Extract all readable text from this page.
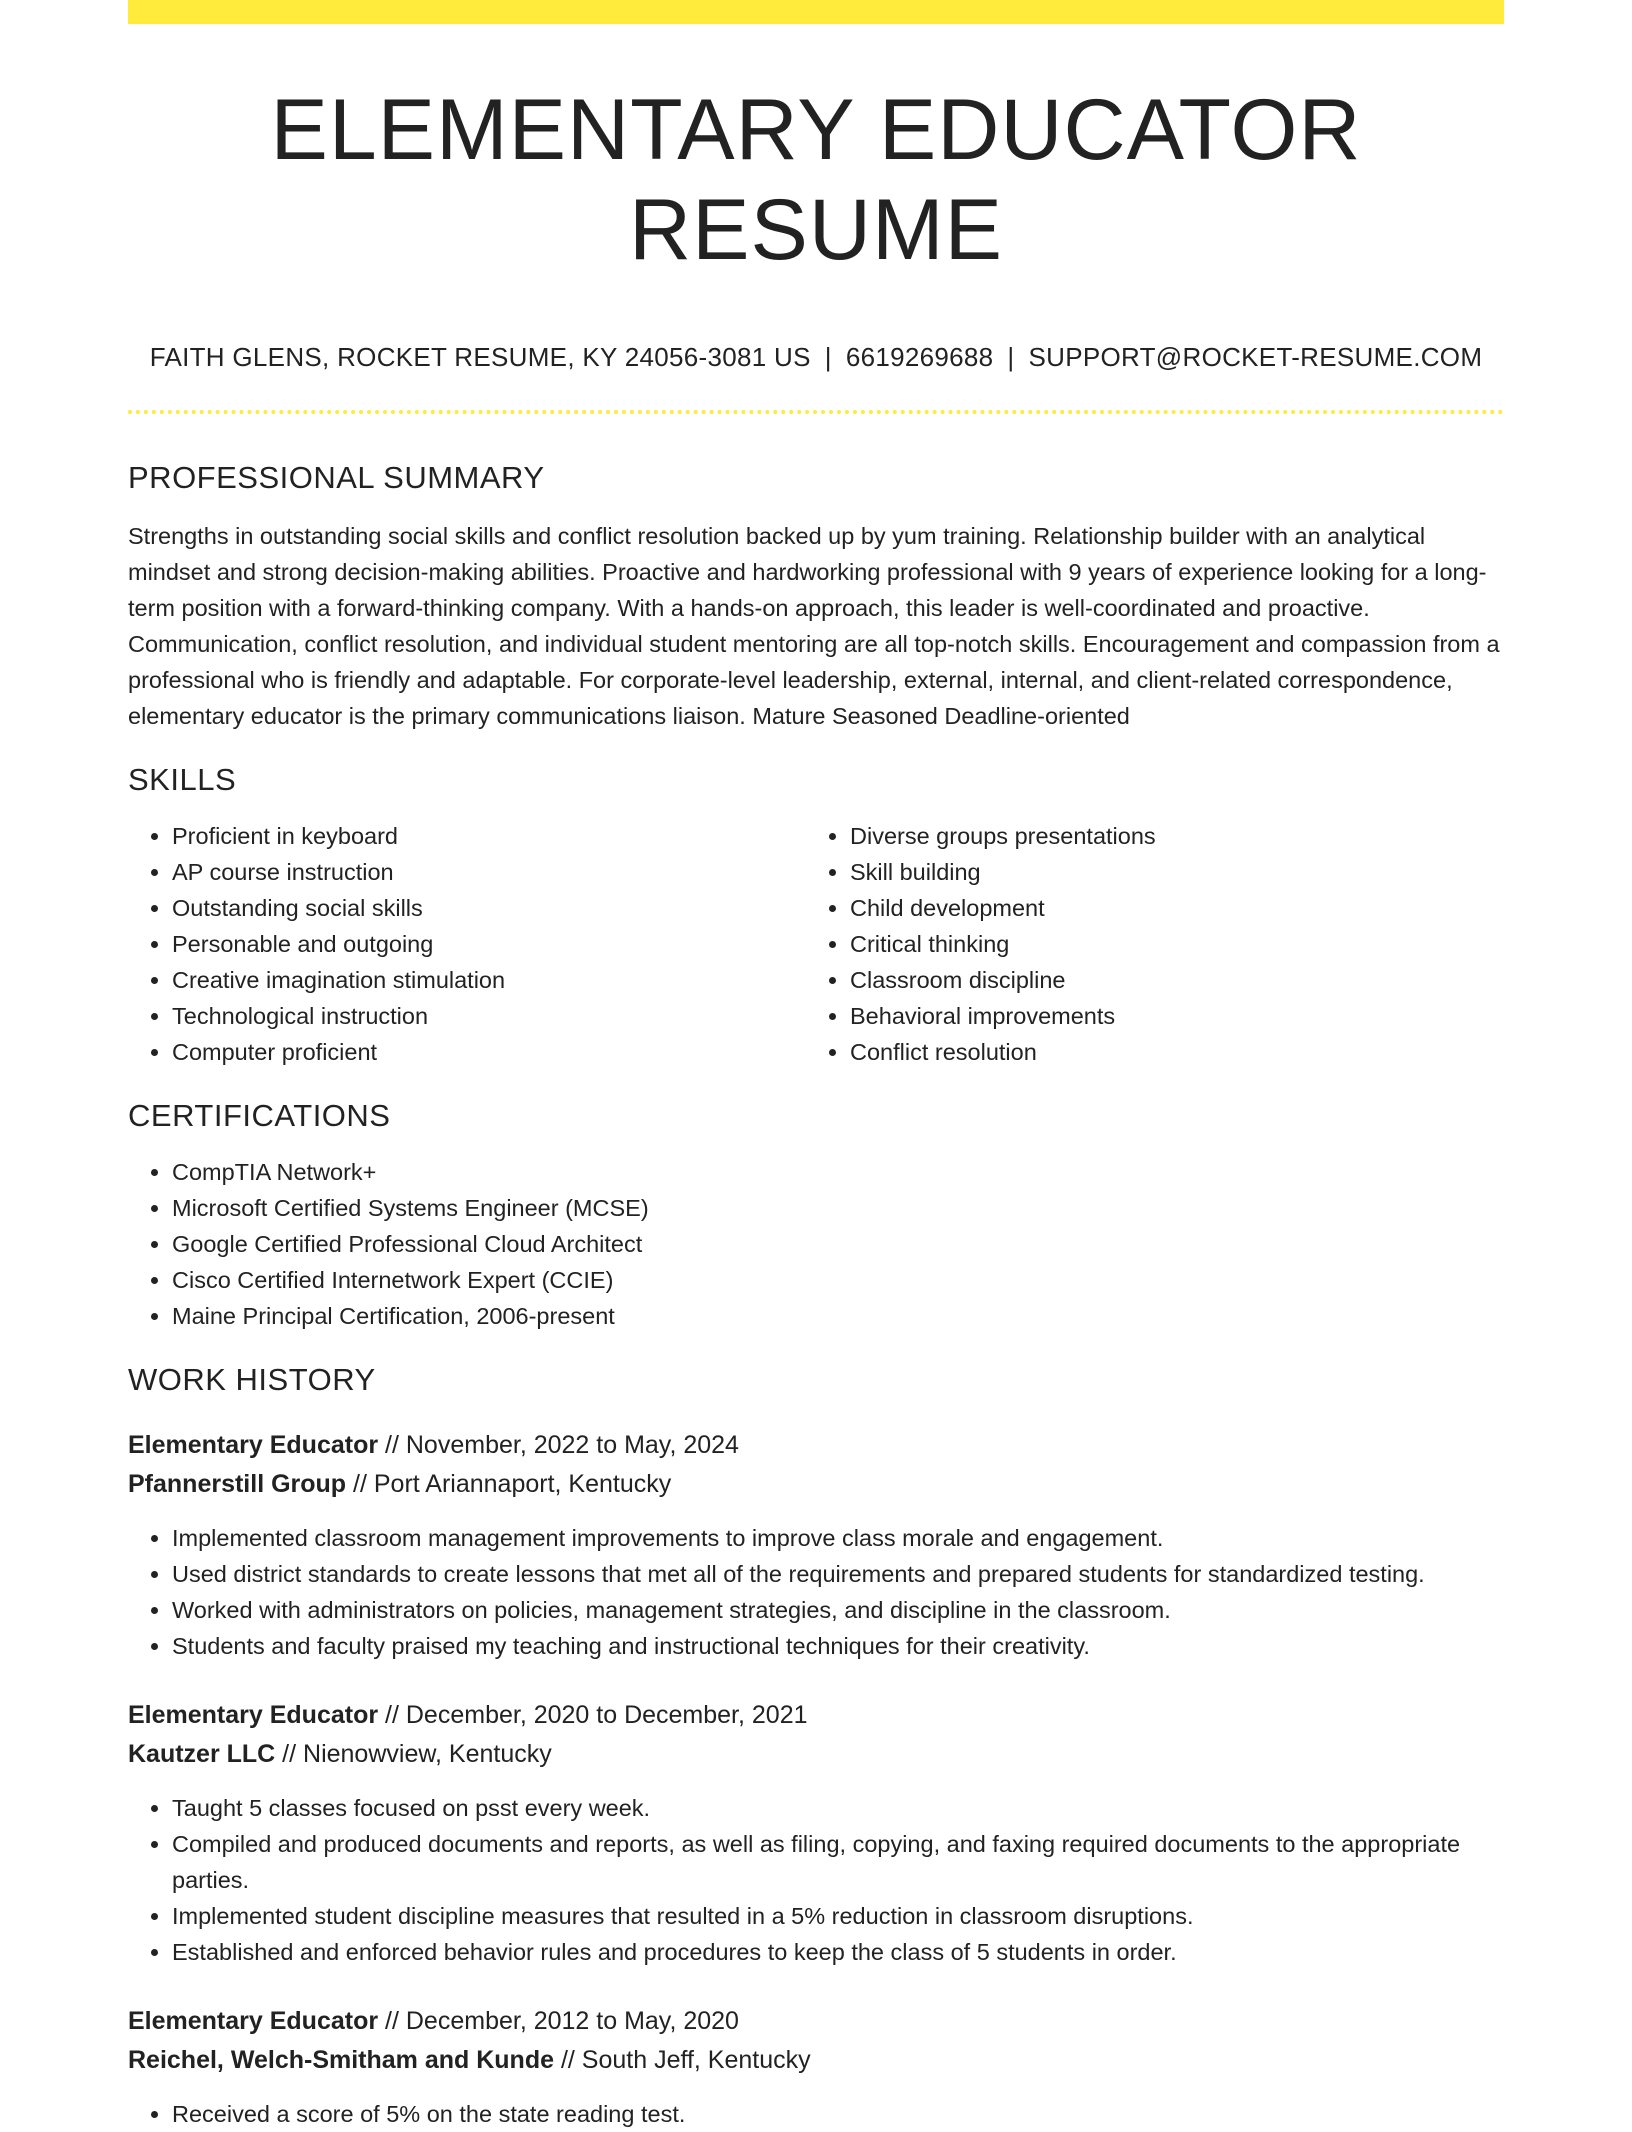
ELEMENTARY EDUCATOR RESUME
FAITH GLENS, ROCKET RESUME, KY 24056-3081 US | 6619269688 | SUPPORT@ROCKET-RESUME.COM
PROFESSIONAL SUMMARY

Strengths in outstanding social skills and conflict resolution backed up by yum training. Relationship builder with an analytical mindset and strong decision-making abilities. Proactive and hardworking professional with 9 years of experience looking for a long-term position with a forward-thinking company. With a hands-on approach, this leader is well-coordinated and proactive. Communication, conflict resolution, and individual student mentoring are all top-notch skills. Encouragement and compassion from a professional who is friendly and adaptable. For corporate-level leadership, external, internal, and client-related correspondence, elementary educator is the primary communications liaison. Mature Seasoned Deadline-oriented

SKILLS
• Proficient in keyboard
• AP course instruction
• Outstanding social skills
• Personable and outgoing
• Creative imagination stimulation
• Technological instruction
• Computer proficient
• Diverse groups presentations
• Skill building
• Child development
• Critical thinking
• Classroom discipline
• Behavioral improvements
• Conflict resolution
CERTIFICATIONS
• CompTIA Network+
• Microsoft Certified Systems Engineer (MCSE)
• Google Certified Professional Cloud Architect
• Cisco Certified Internetwork Expert (CCIE)
• Maine Principal Certification, 2006-present
WORK HISTORY
Elementary Educator // November, 2022 to May, 2024
Pfannerstill Group // Port Ariannaport, Kentucky
• Implemented classroom management improvements to improve class morale and engagement.
• Used district standards to create lessons that met all of the requirements and prepared students for standardized testing.
• Worked with administrators on policies, management strategies, and discipline in the classroom.
• Students and faculty praised my teaching and instructional techniques for their creativity.
Elementary Educator // December, 2020 to December, 2021
Kautzer LLC // Nienowview, Kentucky
• Taught 5 classes focused on psst every week.
• Compiled and produced documents and reports, as well as filing, copying, and faxing required documents to the appropriate parties.
• Implemented student discipline measures that resulted in a 5% reduction in classroom disruptions.
• Established and enforced behavior rules and procedures to keep the class of 5 students in order.
Elementary Educator // December, 2012 to May, 2020
Reichel, Welch-Smitham and Kunde // South Jeff, Kentucky
• Received a score of 5% on the state reading test.
